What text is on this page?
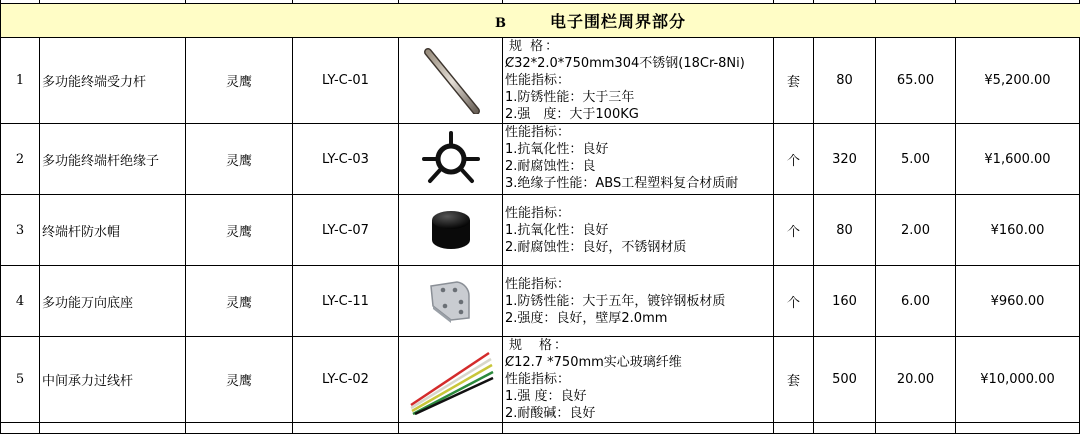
B 电子围栏周界部分										
1	多功能终端受力杆	灵鹰	LY-C-01		规 格：
Ȼ32*2.0*750mm304不锈钢(18Cr-8Ni)
性能指标：
1.防锈性能：大于三年
2.强　度：大于100KG	套	80	65.00	¥5,200.00	
2	多功能终端杆绝缘子	灵鹰	LY-C-03		性能指标：
1.抗氧化性：良好
2.耐腐蚀性：良
3.绝缘子性能：ABS工程塑料复合材质耐	个	320	5.00	¥1,600.00	
3	终端杆防水帽	灵鹰	LY-C-07		性能指标：
1.抗氧化性：良好
2.耐腐蚀性：良好，不锈钢材质	个	80	2.00	¥160.00	
4	多功能万向底座	灵鹰	LY-C-11		性能指标：
1.防锈性能：大于五年，镀锌钢板材质
2.强度：良好，壁厚2.0mm	个	160	6.00	¥960.00	
5	中间承力过线杆	灵鹰	LY-C-02		规　格：
Ȼ12.7 *750mm实心玻璃纤维
性能指标：
1.强 度：良好
2.耐酸碱：良好	套	500	20.00	¥10,000.00	
